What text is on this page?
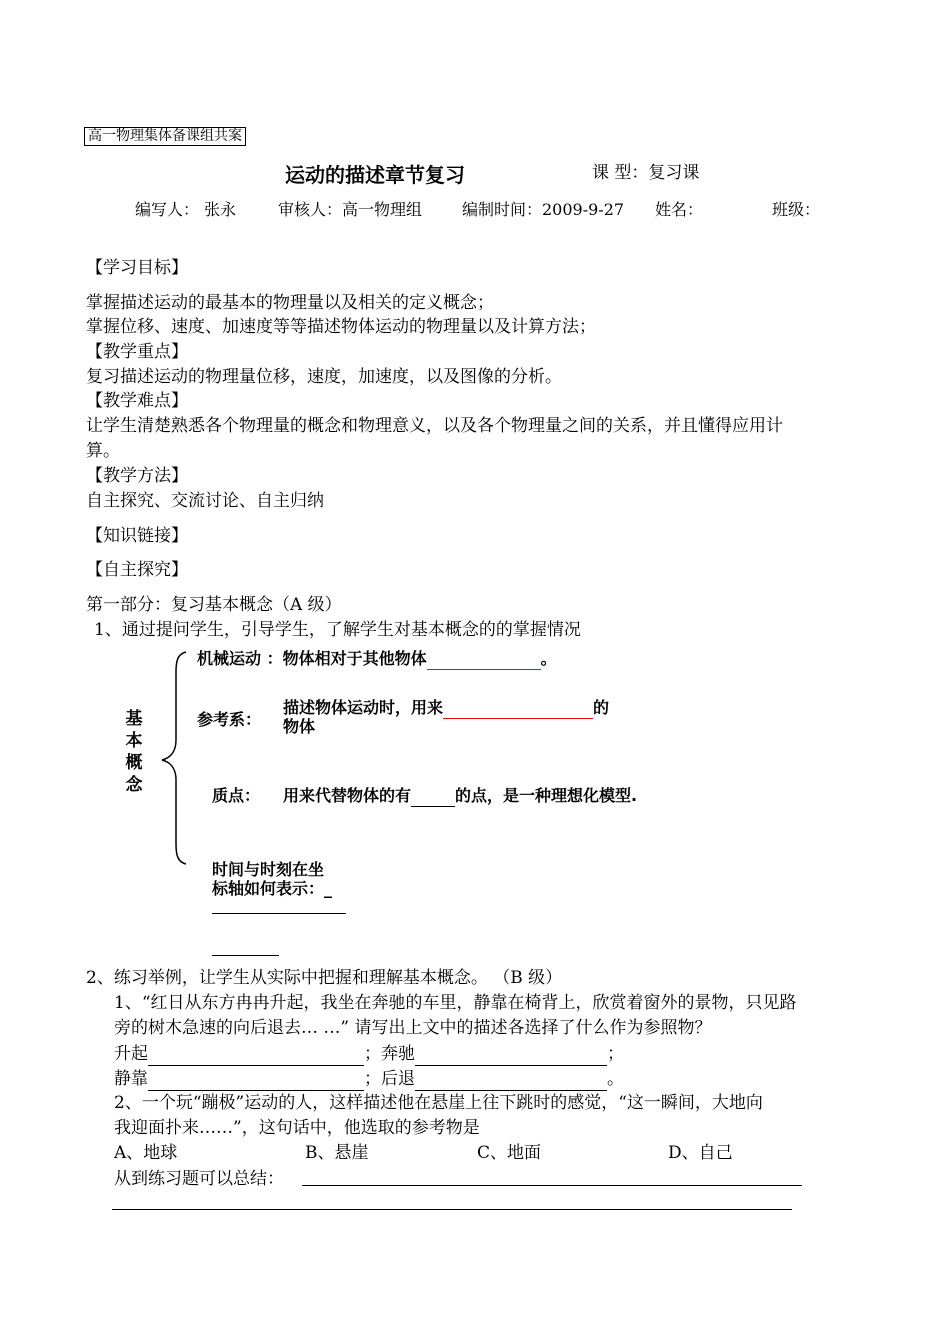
高一物理集体备课组共案
运动的描述章节复习	课 型：复习课
编写人： 张永	审核人：高一物理组 编制时间：2009-9-27 姓名：	班级：
【学习目标】
掌握描述运动的最基本的物理量以及相关的定义概念；
掌握位移、速度、加速度等等描述物体运动的物理量以及计算方法；
【教学重点】
复习描述运动的物理量位移，速度，加速度，以及图像的分析。
【教学难点】
让学生清楚熟悉各个物理量的概念和物理意义，以及各个物理量之间的关系，并且懂得应用计
算。
【教学方法】
自主探究、交流讨论、自主归纳
【知识链接】
【自主探究】
第一部分：复习基本概念（A 级）
1、通过提问学生，引导学生，了解学生对基本概念的的掌握情况
基本概念
机械运动 ：物体相对于其他物体	。
参考系：
描述物体运动时，用来	的
物体
质点： 用来代替物体的有	的点，是一种理想化模型.
时间与时刻在坐
标轴如何表示：_
2、练习举例，让学生从实际中把握和理解基本概念。 （B 级）
1、“红日从东方冉冉升起，我坐在奔驰的车里，静靠在椅背上，欣赏着窗外的景物，只见路
旁的树木急速的向后退去… …” 请写出上文中的描述各选择了什么作为参照物？
升起	；奔驰	；
静靠	；后退	。
2、一个玩“蹦极”运动的人，这样描述他在悬崖上往下跳时的感觉，“这一瞬间，大地向
我迎面扑来……”，这句话中，他选取的参考物是
A、地球	B、悬崖	C、地面	D、自己
从到练习题可以总结：
